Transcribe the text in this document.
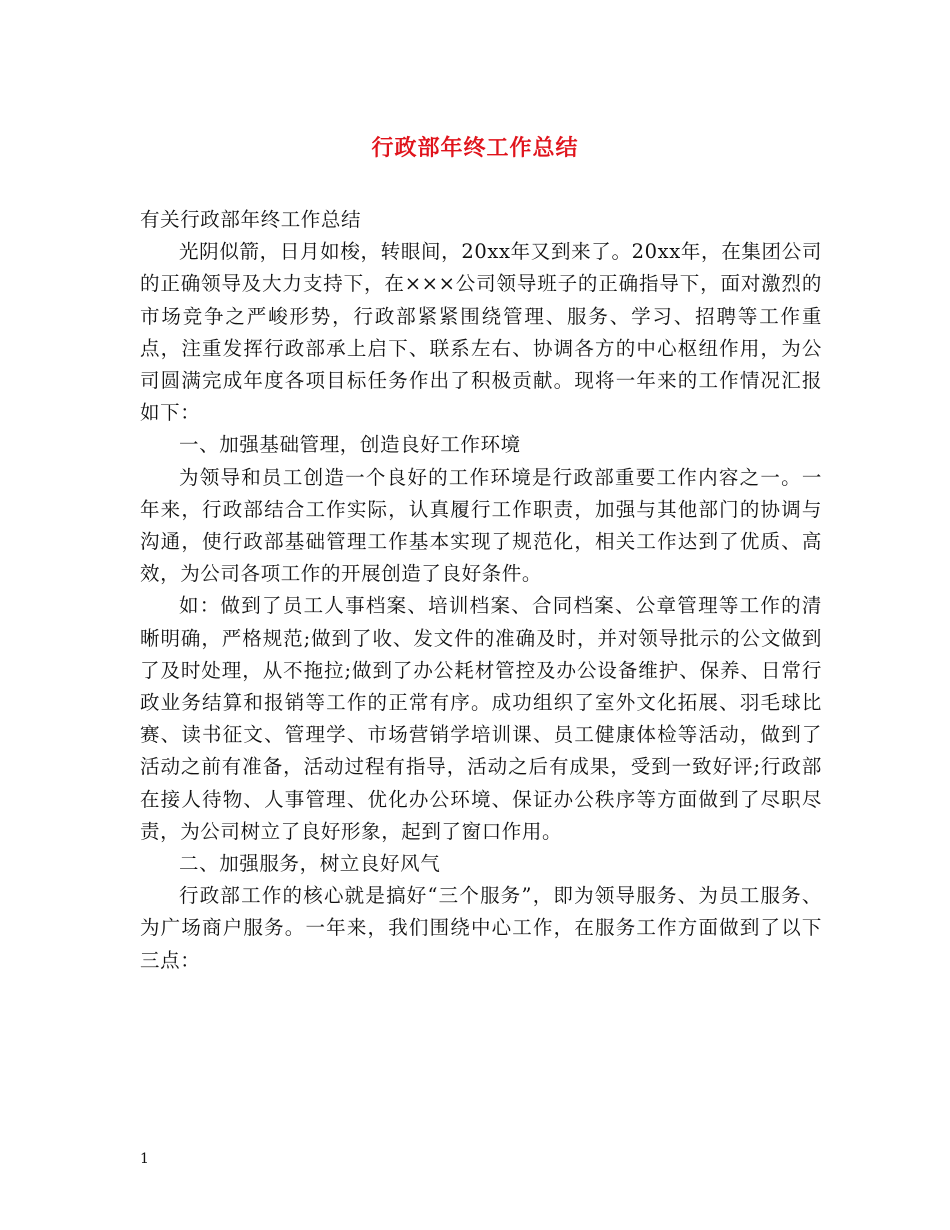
行政部年终工作总结

有关行政部年终工作总结

光阴似箭，日月如梭，转眼间，20xx年又到来了。20xx年，在集团公司的正确领导及大力支持下，在×××公司领导班子的正确指导下，面对激烈的市场竞争之严峻形势，行政部紧紧围绕管理、服务、学习、招聘等工作重点，注重发挥行政部承上启下、联系左右、协调各方的中心枢纽作用，为公司圆满完成年度各项目标任务作出了积极贡献。现将一年来的工作情况汇报如下：

一、加强基础管理，创造良好工作环境

为领导和员工创造一个良好的工作环境是行政部重要工作内容之一。一年来，行政部结合工作实际，认真履行工作职责，加强与其他部门的协调与沟通，使行政部基础管理工作基本实现了规范化，相关工作达到了优质、高效，为公司各项工作的开展创造了良好条件。

如：做到了员工人事档案、培训档案、合同档案、公章管理等工作的清晰明确，严格规范;做到了收、发文件的准确及时，并对领导批示的公文做到了及时处理，从不拖拉;做到了办公耗材管控及办公设备维护、保养、日常行政业务结算和报销等工作的正常有序。成功组织了室外文化拓展、羽毛球比赛、读书征文、管理学、市场营销学培训课、员工健康体检等活动，做到了活动之前有准备，活动过程有指导，活动之后有成果，受到一致好评;行政部在接人待物、人事管理、优化办公环境、保证办公秩序等方面做到了尽职尽责，为公司树立了良好形象，起到了窗口作用。

二、加强服务，树立良好风气

行政部工作的核心就是搞好“三个服务”，即为领导服务、为员工服务、为广场商户服务。一年来，我们围绕中心工作，在服务工作方面做到了以下三点：

1
